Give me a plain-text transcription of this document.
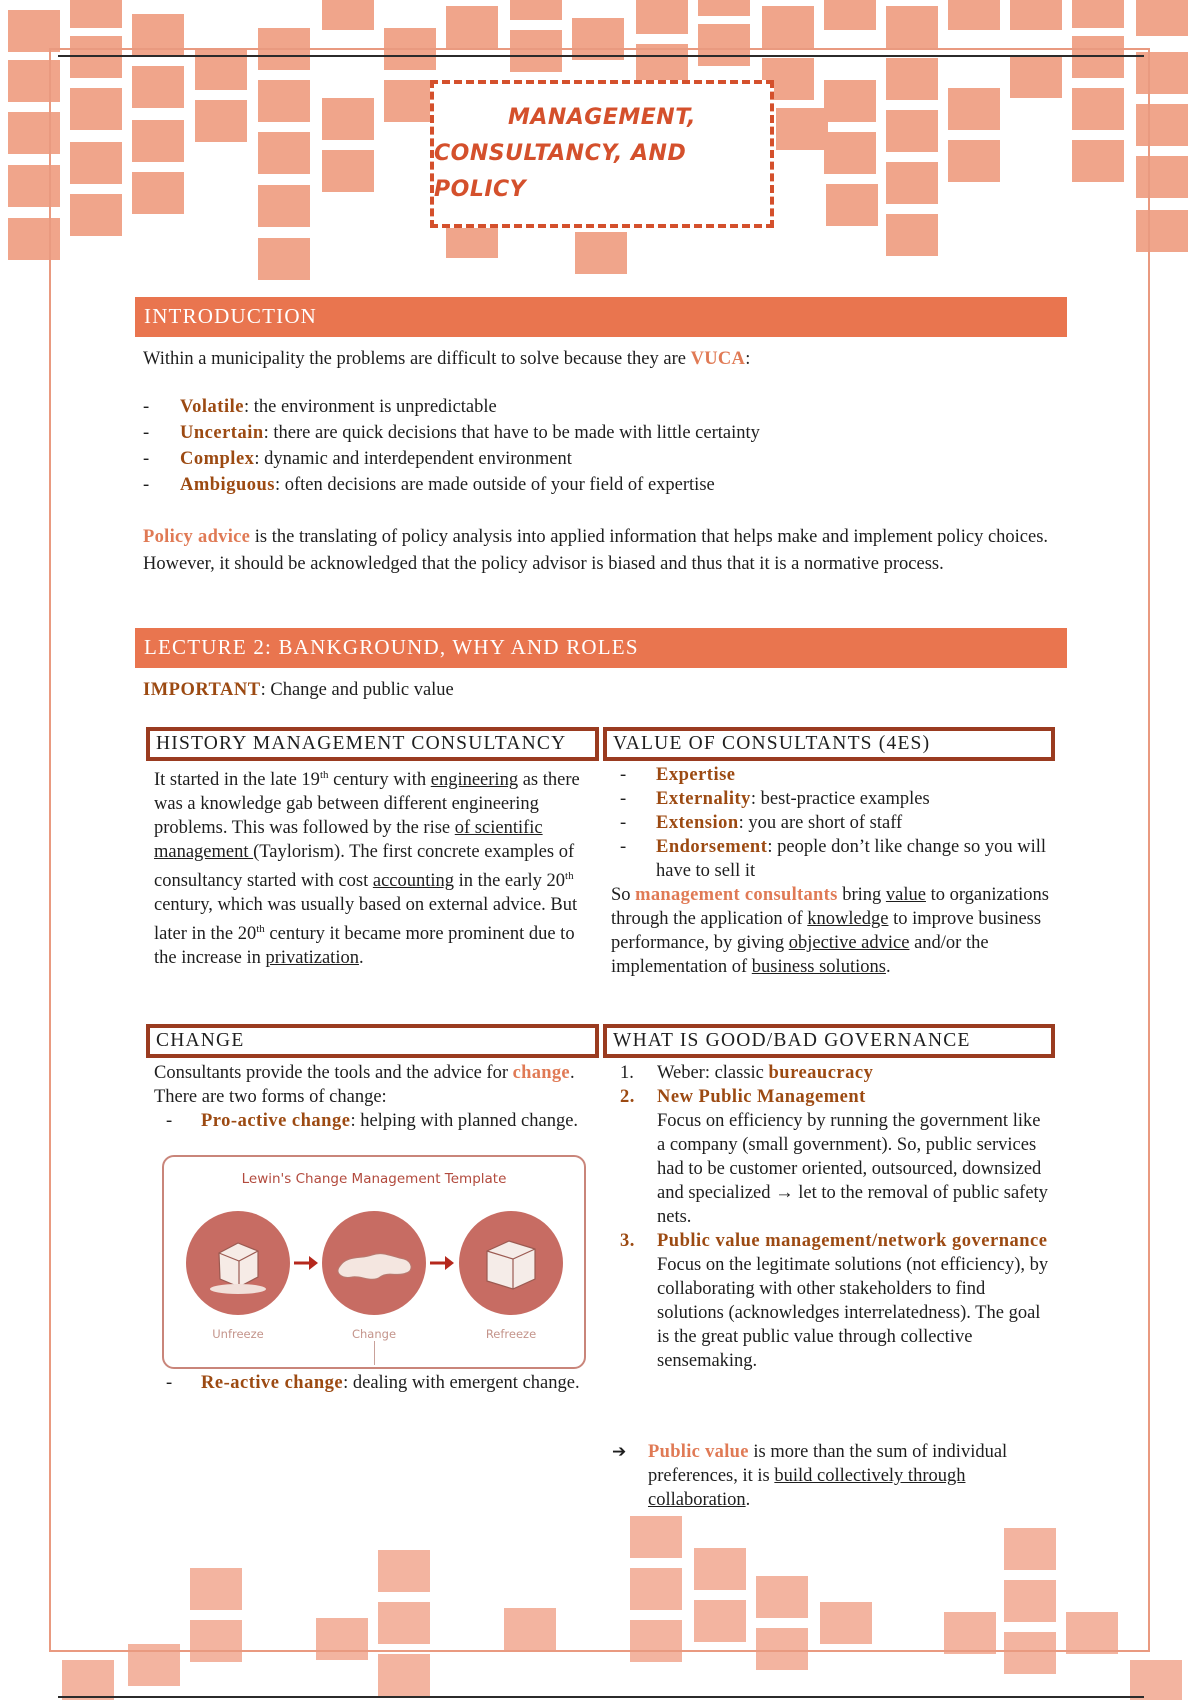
MANAGEMENT,
CONSULTANCY, AND POLICY
INTRODUCTION
Within a municipality the problems are difficult to solve because they are VUCA:
- Volatile: the environment is unpredictable
- Uncertain: there are quick decisions that have to be made with little certainty
- Complex: dynamic and interdependent environment
- Ambiguous: often decisions are made outside of your field of expertise
Policy advice is the translating of policy analysis into applied information that helps make and implement policy choices. However, it should be acknowledged that the policy advisor is biased and thus that it is a normative process.
LECTURE 2: BANKGROUND, WHY AND ROLES
IMPORTANT: Change and public value
HISTORY MANAGEMENT CONSULTANCY
It started in the late 19th century with engineering as there was a knowledge gab between different engineering problems. This was followed by the rise of scientific management (Taylorism). The first concrete examples of consultancy started with cost accounting in the early 20th century, which was usually based on external advice. But later in the 20th century it became more prominent due to the increase in privatization.
VALUE OF CONSULTANTS (4ES)
- Expertise
- Externality: best-practice examples
- Extension: you are short of staff
- Endorsement: people don’t like change so you will have to sell it
So management consultants bring value to organizations through the application of knowledge to improve business performance, by giving objective advice and/or the implementation of business solutions.
CHANGE
Consultants provide the tools and the advice for change. There are two forms of change:
- Pro-active change: helping with planned change.
Lewin's Change Management Template
Unfreeze	Change	Refreeze
- Re-active change: dealing with emergent change.
WHAT IS GOOD/BAD GOVERNANCE
1. Weber: classic bureaucracy
2. New Public Management
Focus on efficiency by running the government like a company (small government). So, public services had to be customer oriented, outsourced, downsized and specialized → let to the removal of public safety nets.
3. Public value management/network governance
Focus on the legitimate solutions (not efficiency), by collaborating with other stakeholders to find solutions (acknowledges interrelatedness). The goal is the great public value through collective sensemaking.
➔	Public value is more than the sum of individual preferences, it is build collectively through collaboration.
